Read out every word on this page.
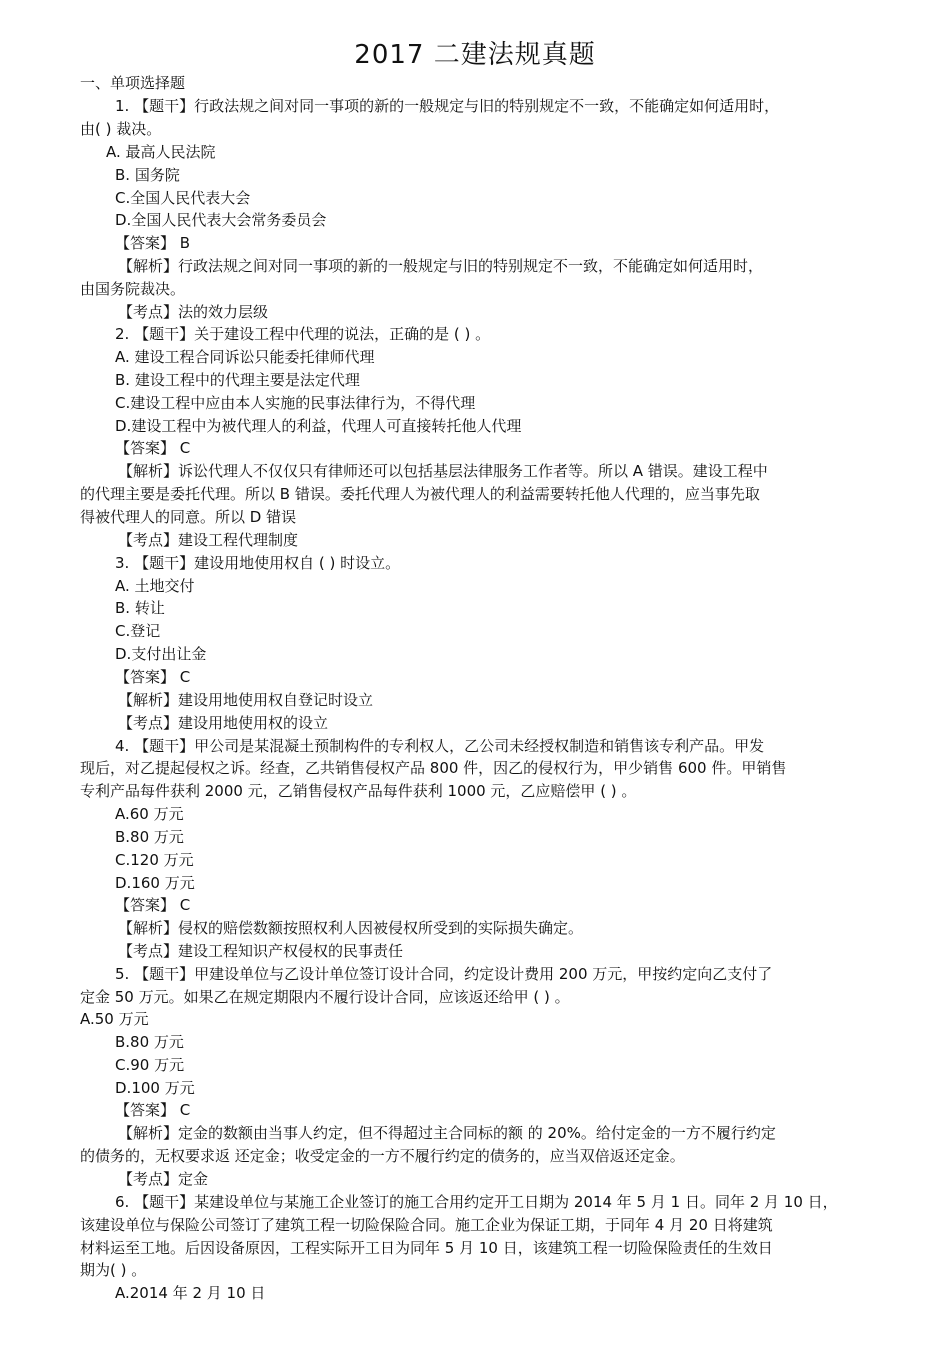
2017 二建法规真题
一、单项选择题
1. 【题干】行政法规之间对同一事项的新的一般规定与旧的特别规定不一致，不能确定如何适用时，
由( ) 裁决。
A. 最高人民法院
B. 国务院
C.全国人民代表大会
D.全国人民代表大会常务委员会
【答案】 B
【解析】行政法规之间对同一事项的新的一般规定与旧的特别规定不一致，不能确定如何适用时，
由国务院裁决。
【考点】法的效力层级
2. 【题干】关于建设工程中代理的说法，正确的是 ( ) 。
A. 建设工程合同诉讼只能委托律师代理
B. 建设工程中的代理主要是法定代理
C.建设工程中应由本人实施的民事法律行为，不得代理
D.建设工程中为被代理人的利益，代理人可直接转托他人代理
【答案】 C
【解析】诉讼代理人不仅仅只有律师还可以包括基层法律服务工作者等。所以 A 错误。建设工程中
的代理主要是委托代理。所以 B 错误。委托代理人为被代理人的利益需要转托他人代理的，应当事先取
得被代理人的同意。所以 D 错误
【考点】建设工程代理制度
3. 【题干】建设用地使用权自 ( ) 时设立。
A. 土地交付
B. 转让
C.登记
D.支付出让金
【答案】 C
【解析】建设用地使用权自登记时设立
【考点】建设用地使用权的设立
4. 【题干】甲公司是某混凝土预制构件的专利权人，乙公司未经授权制造和销售该专利产品。甲发
现后，对乙提起侵权之诉。经查，乙共销售侵权产品 800 件，因乙的侵权行为，甲少销售 600 件。甲销售
专利产品每件获利 2000 元，乙销售侵权产品每件获利 1000 元，乙应赔偿甲 ( ) 。
A.60 万元
B.80 万元
C.120 万元
D.160 万元
【答案】 C
【解析】侵权的赔偿数额按照权利人因被侵权所受到的实际损失确定。
【考点】建设工程知识产权侵权的民事责任
5. 【题干】甲建设单位与乙设计单位签订设计合同，约定设计费用 200 万元，甲按约定向乙支付了
定金 50 万元。如果乙在规定期限内不履行设计合同，应该返还给甲 ( ) 。
A.50 万元
B.80 万元
C.90 万元
D.100 万元
【答案】 C
【解析】定金的数额由当事人约定，但不得超过主合同标的额 的 20%。给付定金的一方不履行约定
的债务的，无权要求返 还定金；收受定金的一方不履行约定的债务的，应当双倍返还定金。
【考点】定金
6. 【题干】某建设单位与某施工企业签订的施工合用约定开工日期为 2014 年 5 月 1 日。同年 2 月 10 日，
该建设单位与保险公司签订了建筑工程一切险保险合同。施工企业为保证工期，于同年 4 月 20 日将建筑
材料运至工地。后因设备原因，工程实际开工日为同年 5 月 10 日，该建筑工程一切险保险责任的生效日
期为( ) 。
A.2014 年 2 月 10 日
